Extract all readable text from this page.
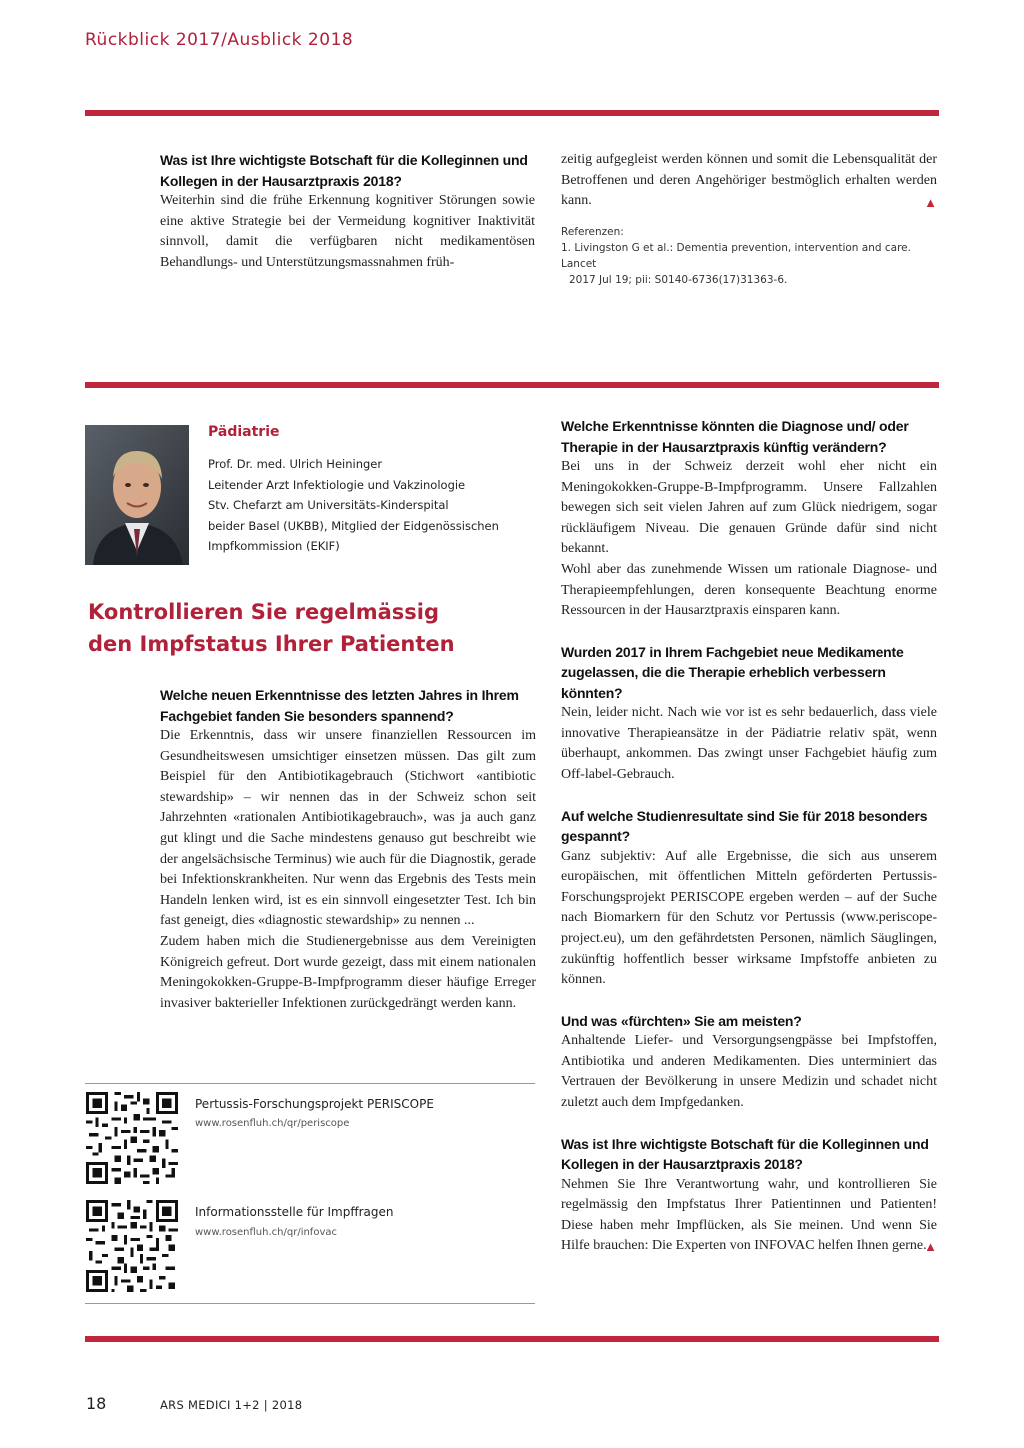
Rückblick 2017/Ausblick 2018

Was ist Ihre wichtigste Botschaft für die Kolleginnen und Kollegen in der Hausarztpraxis 2018?

Weiterhin sind die frühe Erkennung kognitiver Störungen sowie eine aktive Strategie bei der Vermeidung kognitiver Inaktivität sinnvoll, damit die verfügbaren nicht medikamentösen Behandlungs- und Unterstützungsmassnahmen früh-

zeitig aufgegleist werden können und somit die Lebensqualität der Betroffenen und deren Angehöriger bestmöglich erhalten werden kann.	▲
Referenzen:
1. Livingston G et al.: Dementia prevention, intervention and care. Lancet
2017 Jul 19; pii: S0140-6736(17)31363-6.
Pädiatrie
Prof. Dr. med. Ulrich Heininger
Leitender Arzt Infektiologie und Vakzinologie
Stv. Chefarzt am Universitäts-Kinderspital
beider Basel (UKBB), Mitglied der Eidgenössischen
Impfkommission (EKIF)
Kontrollieren Sie regelmässig
den Impfstatus Ihrer Patienten

Welche neuen Erkenntnisse des letzten Jahres in Ihrem Fachgebiet fanden Sie besonders spannend?

Die Erkenntnis, dass wir unsere finanziellen Ressourcen im Gesundheitswesen umsichtiger einsetzen müssen. Das gilt zum Beispiel für den Antibiotikagebrauch (Stichwort «antibiotic stewardship» – wir nennen das in der Schweiz schon seit Jahrzehnten «rationalen Antibiotikagebrauch», was ja auch ganz gut klingt und die Sache mindestens genauso gut beschreibt wie der angelsächsische Terminus) wie auch für die Diagnostik, gerade bei Infektionskrankheiten. Nur wenn das Ergebnis des Tests mein Handeln lenken wird, ist es ein sinnvoll eingesetzter Test. Ich bin fast geneigt, dies «diagnostic stewardship» zu nennen ...

Zudem haben mich die Studienergebnisse aus dem Vereinigten Königreich gefreut. Dort wurde gezeigt, dass mit einem nationalen Meningokokken-Gruppe-B-Impfprogramm dieser häufige Erreger invasiver bakterieller Infektionen zurückgedrängt werden kann.

Pertussis-Forschungsprojekt PERISCOPE
www.rosenfluh.ch/qr/periscope
Informationsstelle für Impffragen
www.rosenfluh.ch/qr/infovac

Welche Erkenntnisse könnten die Diagnose und/ oder Therapie in der Hausarztpraxis künftig verändern?

Bei uns in der Schweiz derzeit wohl eher nicht ein Meningokokken-Gruppe-B-Impfprogramm. Unsere Fallzahlen bewegen sich seit vielen Jahren auf zum Glück niedrigem, sogar rückläufigem Niveau. Die genauen Gründe dafür sind nicht bekannt.

Wohl aber das zunehmende Wissen um rationale Diagnose- und Therapieempfehlungen, deren konsequente Beachtung enorme Ressourcen in der Hausarztpraxis einsparen kann.

Wurden 2017 in Ihrem Fachgebiet neue Medikamente zugelassen, die die Therapie erheblich verbessern könnten?

Nein, leider nicht. Nach wie vor ist es sehr bedauerlich, dass viele innovative Therapieansätze in der Pädiatrie relativ spät, wenn überhaupt, ankommen. Das zwingt unser Fachgebiet häufig zum Off-label-Gebrauch.

Auf welche Studienresultate sind Sie für 2018 besonders gespannt?

Ganz subjektiv: Auf alle Ergebnisse, die sich aus unserem europäischen, mit öffentlichen Mitteln geförderten Pertussis-Forschungsprojekt PERISCOPE ergeben werden – auf der Suche nach Biomarkern für den Schutz vor Pertussis (www.periscope-project.eu), um den gefährdetsten Personen, nämlich Säuglingen, zukünftig hoffentlich besser wirksame Impfstoffe anbieten zu können.

Und was «fürchten» Sie am meisten?

Anhaltende Liefer- und Versorgungsengpässe bei Impfstoffen, Antibiotika und anderen Medikamenten. Dies unterminiert das Vertrauen der Bevölkerung in unsere Medizin und schadet nicht zuletzt auch dem Impfgedanken.

Was ist Ihre wichtigste Botschaft für die Kolleginnen und Kollegen in der Hausarztpraxis 2018?

Nehmen Sie Ihre Verantwortung wahr, und kontrollieren Sie regelmässig den Impfstatus Ihrer Patientinnen und Patienten! Diese haben mehr Impflücken, als Sie meinen. Und wenn Sie Hilfe brauchen: Die Experten von INFOVAC helfen Ihnen gerne.

▲
18	ARS MEDICI 1+2 | 2018
